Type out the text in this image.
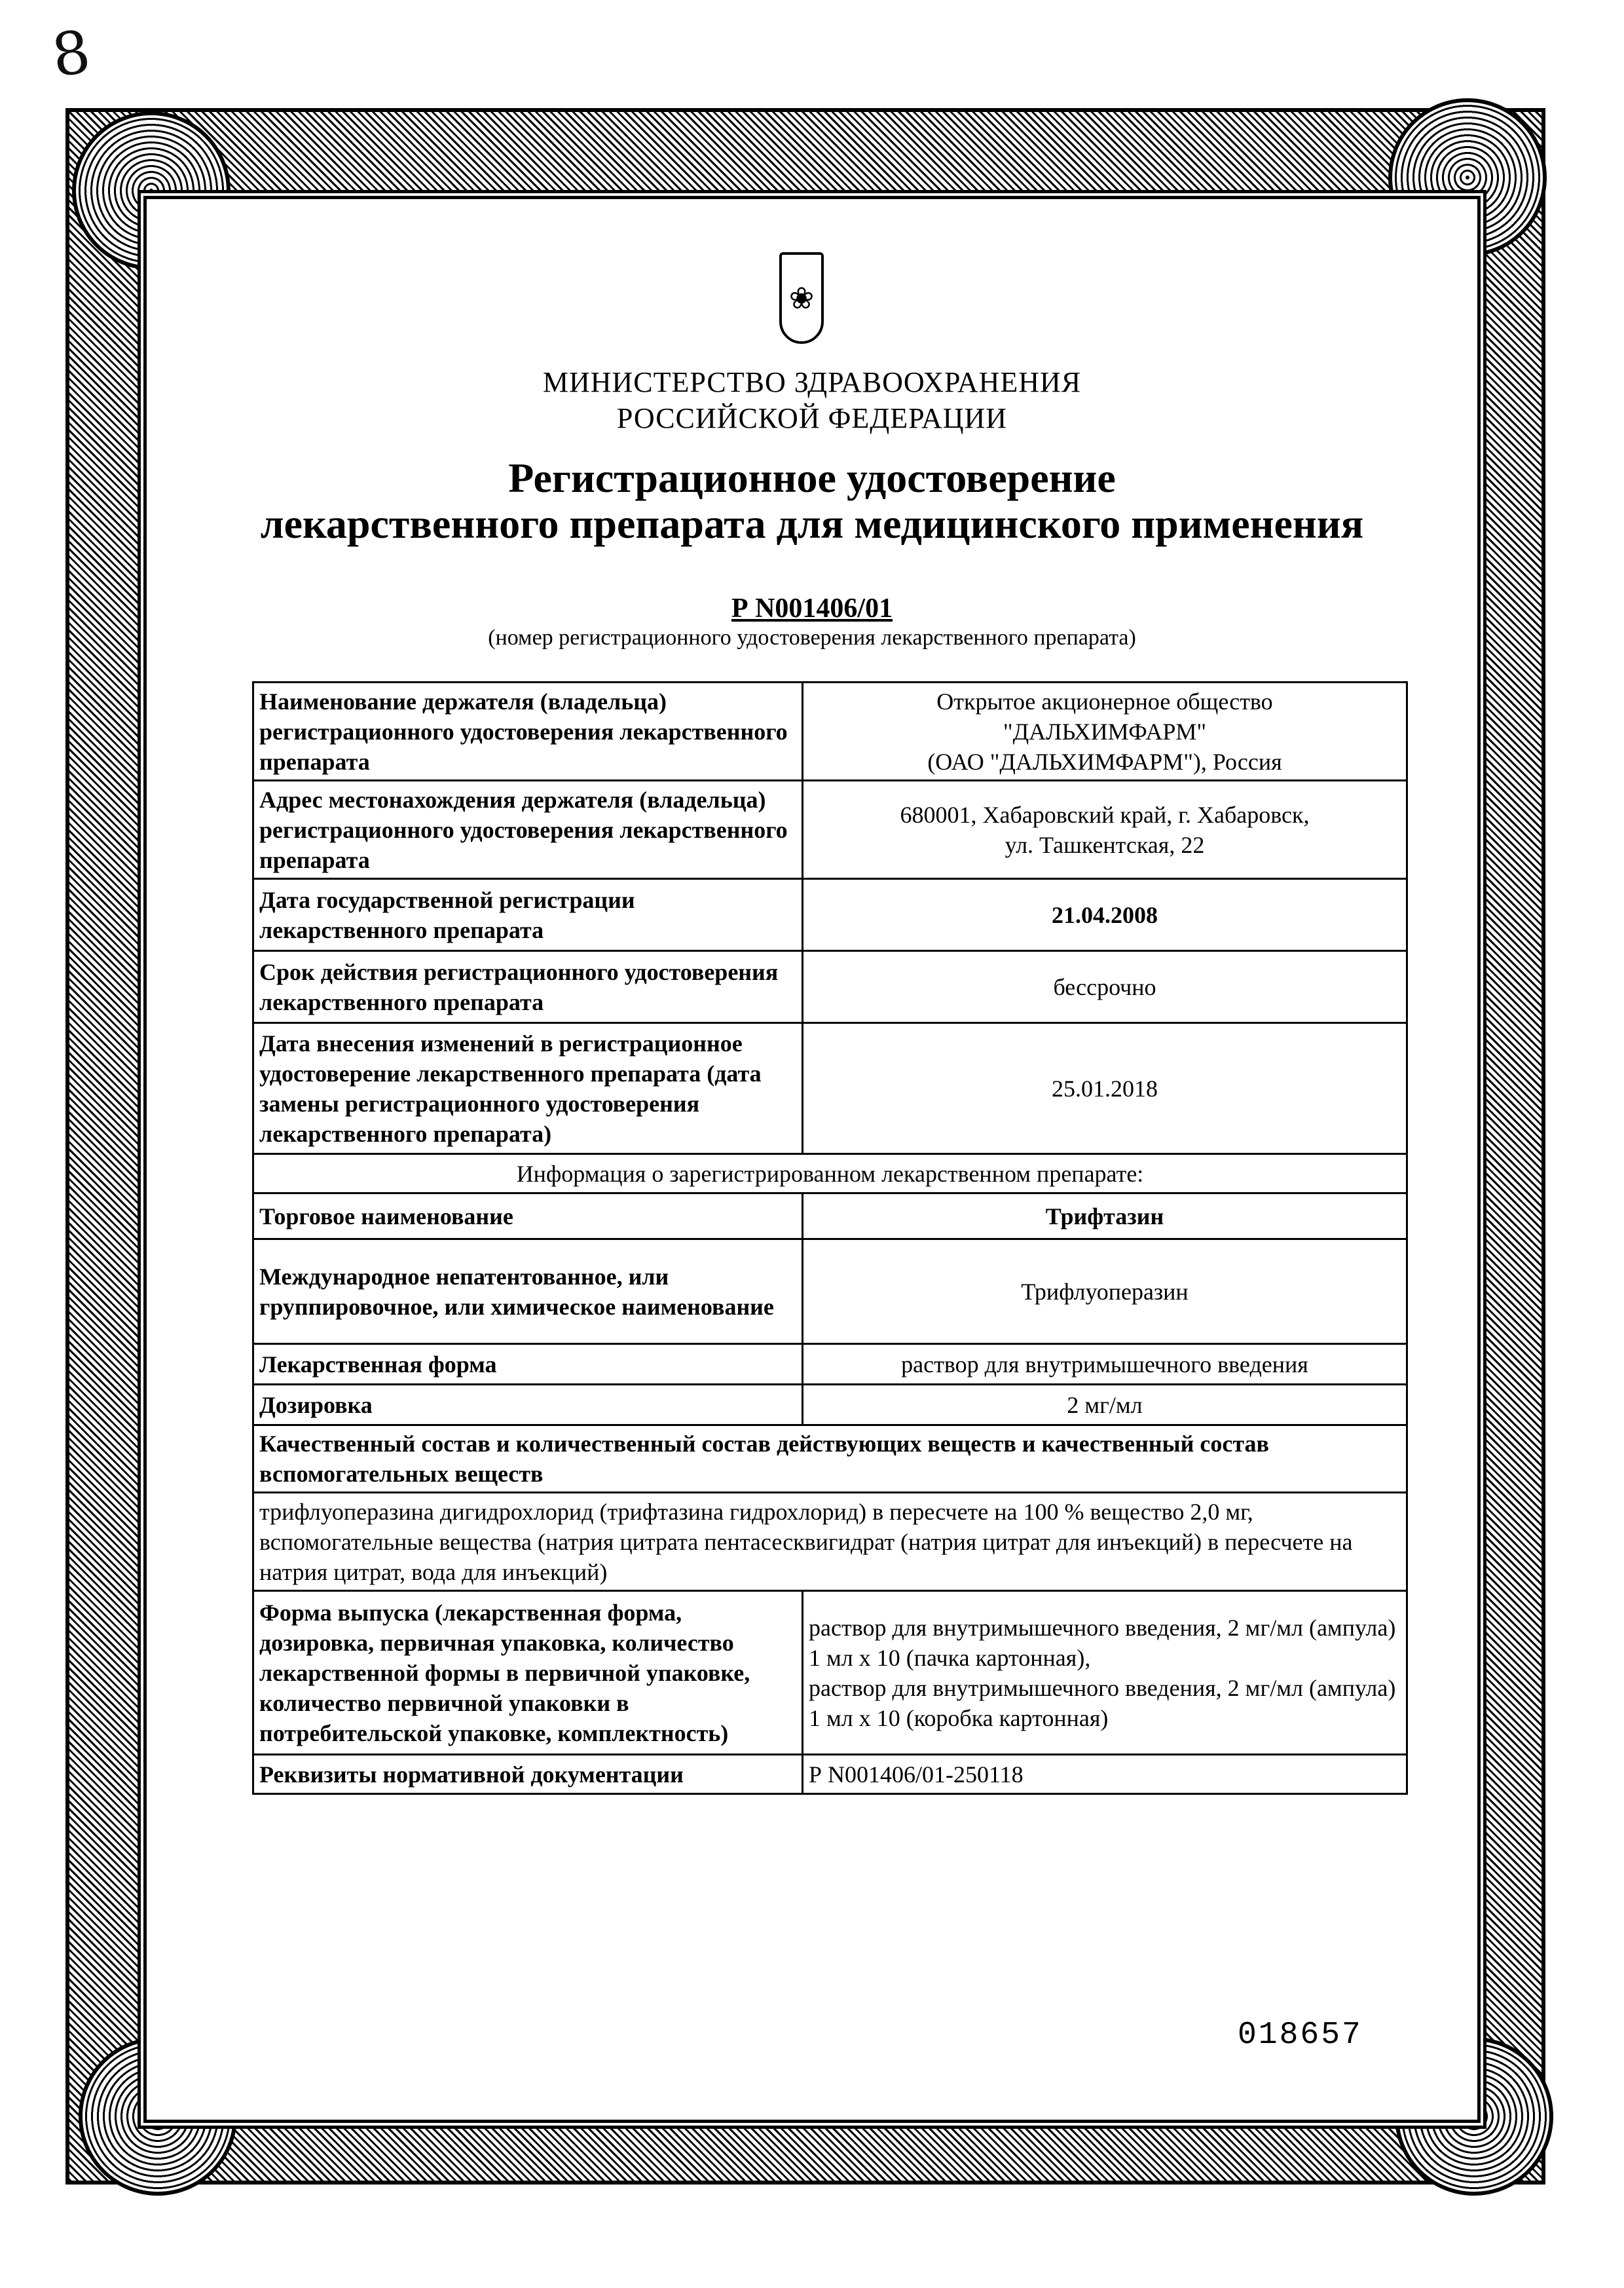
8
❀
МИНИСТЕРСТВО ЗДРАВООХРАНЕНИЯ
РОССИЙСКОЙ ФЕДЕРАЦИИ
Регистрационное удостоверение
лекарственного препарата для медицинского применения
Р N001406/01
(номер регистрационного удостоверения лекарственного препарата)
Наименование держателя (владельца) регистрационного удостоверения лекарственного препарата	Открытое акционерное общество
"ДАЛЬХИМФАРМ"
(ОАО "ДАЛЬХИМФАРМ"), Россия

Адрес местонахождения держателя (владельца) регистрационного удостоверения лекарственного препарата	680001, Хабаровский край, г. Хабаровск,
ул. Ташкентская, 22

Дата государственной регистрации лекарственного препарата	21.04.2008
Срок действия регистрационного удостоверения лекарственного препарата	бессрочно
Дата внесения изменений в регистрационное удостоверение лекарственного препарата (дата замены регистрационного удостоверения лекарственного препарата)	25.01.2018
Информация о зарегистрированном лекарственном препарате:	
Торговое наименование	Трифтазин
Международное непатентованное, или группировочное, или химическое наименование	Трифлуоперазин
Лекарственная форма	раствор для внутримышечного введения
Дозировка	2 мг/мл
Качественный состав и количественный состав действующих веществ и качественный состав вспомогательных веществ	
трифлуоперазина дигидрохлорид (трифтазина гидрохлорид) в пересчете на 100 % вещество 2,0 мг, вспомогательные вещества (натрия цитрата пентасесквигидрат (натрия цитрат для инъекций) в пересчете на натрия цитрат, вода для инъекций)	
Форма выпуска (лекарственная форма, дозировка, первичная упаковка, количество лекарственной формы в первичной упаковке, количество первичной упаковки в потребительской упаковке, комплектность)	раствор для внутримышечного введения, 2 мг/мл (ампула) 1 мл x 10 (пачка картонная),
раствор для внутримышечного введения, 2 мг/мл (ампула) 1 мл x 10 (коробка картонная)

Реквизиты нормативной документации	Р N001406/01-250118
018657
